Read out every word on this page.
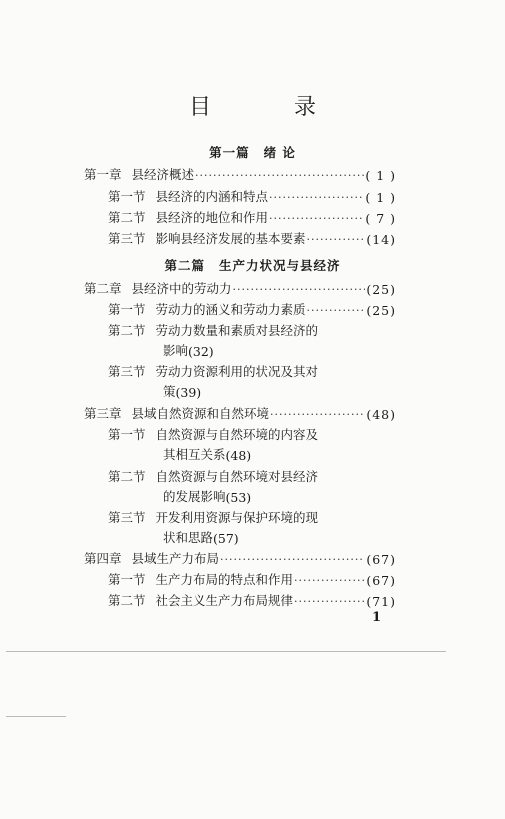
目 录
第一篇 绪 论
第一章 县经济概述 ·····	( 1 )
第一节 县经济的内涵和特点 ·····	( 1 )
第二节 县经济的地位和作用 ·····	( 7 )
第三节 影响县经济发展的基本要素 ·····	(14)
第二篇 生产力状况与县经济
第二章 县经济中的劳动力 ·····	(25)
第一节 劳动力的涵义和劳动力素质 ·····	(25)
第二节 劳动力数量和素质对县经济的
影响 (32)
第三节 劳动力资源利用的状况及其对
策 (39)
第三章 县域自然资源和自然环境 ·····	(48)
第一节 自然资源与自然环境的内容及
其相互关系 (48)
第二节 自然资源与自然环境对县经济
的发展影响 (53)
第三节 开发利用资源与保护环境的现
状和思路 (57)
第四章 县域生产力布局 ·····	(67)
第一节 生产力布局的特点和作用 ·····	(67)
第二节 社会主义生产力布局规律 ·····	(71)
1
